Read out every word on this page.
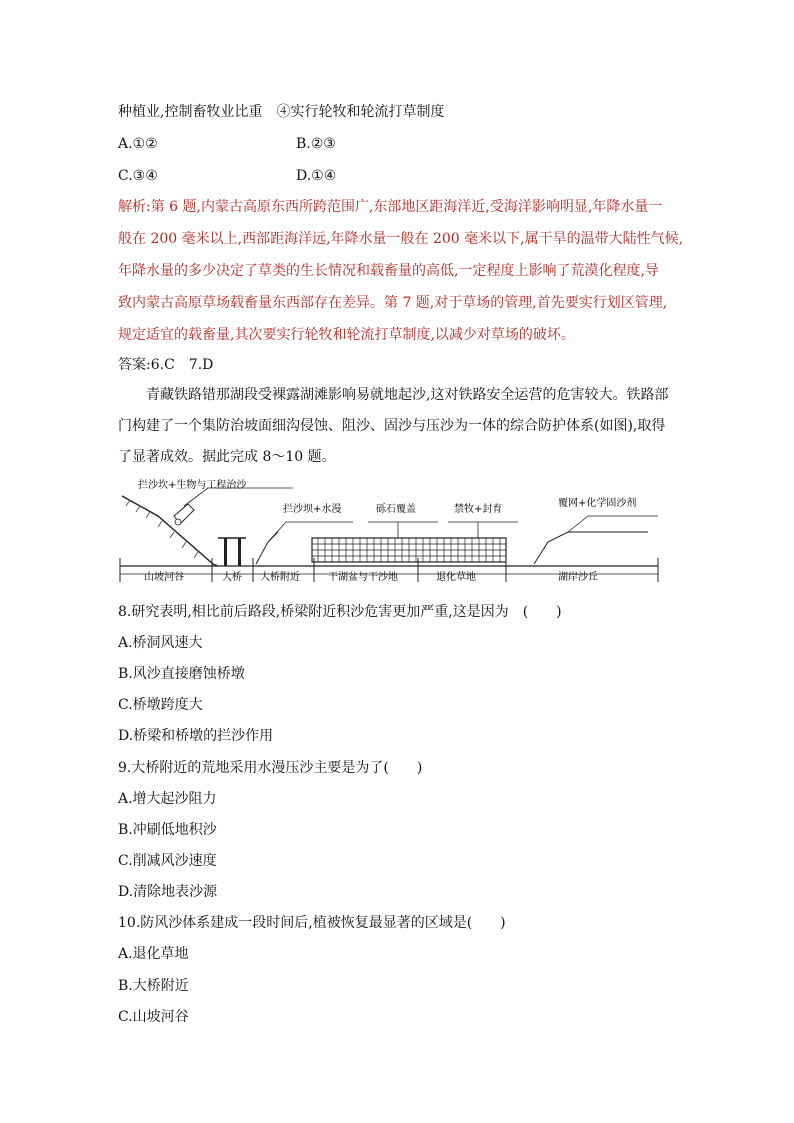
种植业,控制畜牧业比重　④实行轮牧和轮流打草制度
A.①②	B.②③
C.③④	D.①④
解析:第 6 题,内蒙古高原东西所跨范围广,东部地区距海洋近,受海洋影响明显,年降水量一
般在 200 毫米以上,西部距海洋远,年降水量一般在 200 毫米以下,属干旱的温带大陆性气候,
年降水量的多少决定了草类的生长情况和载畜量的高低,一定程度上影响了荒漠化程度,导
致内蒙古高原草场载畜量东西部存在差异。第 7 题,对于草场的管理,首先要实行划区管理,
规定适宜的载畜量,其次要实行轮牧和轮流打草制度,以减少对草场的破坏。
答案:6.C　7.D
青藏铁路错那湖段受裸露湖滩影响易就地起沙,这对铁路安全运营的危害较大。铁路部
门构建了一个集防治坡面细沟侵蚀、阻沙、固沙与压沙为一体的综合防护体系(如图),取得
了显著成效。据此完成 8～10 题。
拦沙坎+生物与工程治沙
拦沙坝+水漫	砾石覆盖	禁牧+封育
覆网+化学固沙剂
山坡河谷	大桥 大桥附近	干湖盆与干沙地	退化草地	湖岸沙丘
8.研究表明,相比前后路段,桥梁附近积沙危害更加严重,这是因为　(　　)
A.桥洞风速大
B.风沙直接磨蚀桥墩
C.桥墩跨度大
D.桥梁和桥墩的拦沙作用
9.大桥附近的荒地采用水漫压沙主要是为了(　　)
A.增大起沙阻力
B.冲刷低地积沙
C.削减风沙速度
D.清除地表沙源
10.防风沙体系建成一段时间后,植被恢复最显著的区域是(　　)
A.退化草地
B.大桥附近
C.山坡河谷
